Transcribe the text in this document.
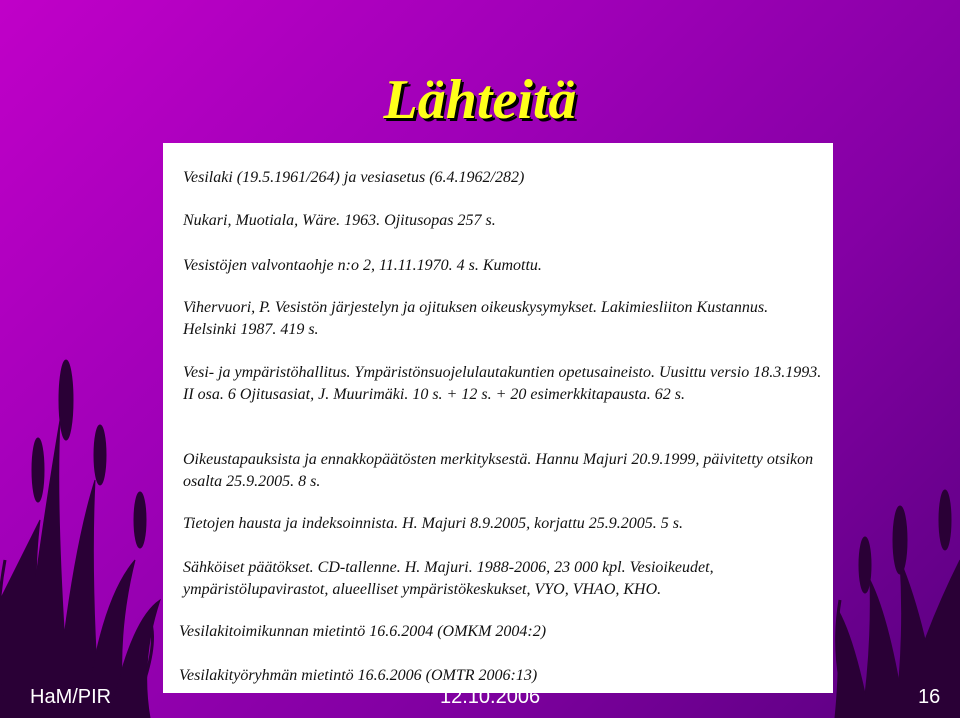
Lähteitä
Vesilaki (19.5.1961/264) ja vesiasetus (6.4.1962/282)
Nukari, Muotiala, Wäre. 1963. Ojitusopas 257 s.
Vesistöjen valvontaohje n:o 2, 11.11.1970. 4 s. Kumottu.
Vihervuori, P. Vesistön järjestelyn ja ojituksen oikeuskysymykset. Lakimiesliiton Kustannus. Helsinki 1987. 419 s.
Vesi- ja ympäristöhallitus. Ympäristönsuojelulautakuntien opetusaineisto. Uusittu versio 18.3.1993. II osa. 6 Ojitusasiat, J. Muurimäki. 10 s. + 12 s. + 20 esimerkkitapausta. 62 s.
Oikeustapauksista ja ennakkopäätösten merkityksestä. Hannu Majuri 20.9.1999, päivitetty otsikon osalta 25.9.2005. 8 s.
Tietojen hausta ja indeksoinnista. H. Majuri 8.9.2005, korjattu 25.9.2005. 5 s.
Sähköiset päätökset. CD-tallenne. H. Majuri. 1988-2006, 23 000 kpl. Vesioikeudet, ympäristölupavirastot, alueelliset ympäristökeskukset, VYO, VHAO, KHO.
Vesilakitoimikunnan mietintö 16.6.2004 (OMKM 2004:2)
Vesilakityöryhmän mietintö 16.6.2006 (OMTR 2006:13)
HaM/PIR	12.10.2006	16
